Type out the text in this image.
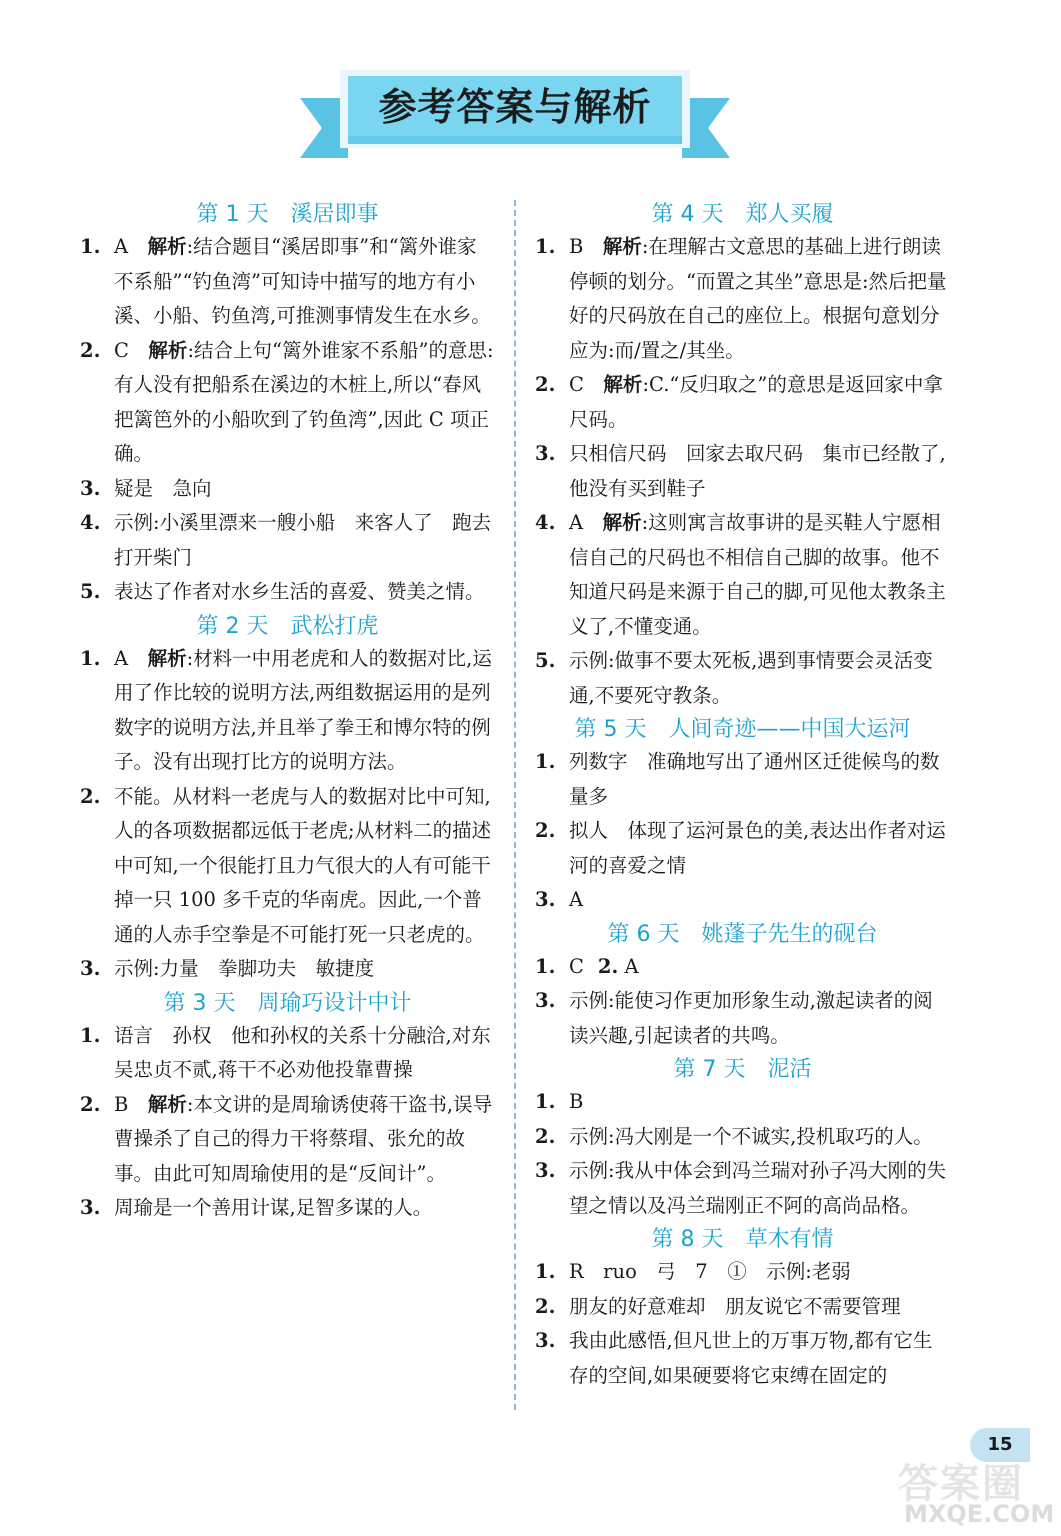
参考答案与解析
第 1 天　溪居即事
1. A　解析:结合题目“溪居即事”和“篱外谁家不系船”“钓鱼湾”可知诗中描写的地方有小溪、小船、钓鱼湾,可推测事情发生在水乡。
2. C　解析:结合上句“篱外谁家不系船”的意思:有人没有把船系在溪边的木桩上,所以“春风把篱笆外的小船吹到了钓鱼湾”,因此 C 项正确。
3. 疑是　急向
4. 示例:小溪里漂来一艘小船　来客人了　跑去打开柴门
5. 表达了作者对水乡生活的喜爱、赞美之情。
第 2 天　武松打虎
1. A　解析:材料一中用老虎和人的数据对比,运用了作比较的说明方法,两组数据运用的是列数字的说明方法,并且举了拳王和博尔特的例子。没有出现打比方的说明方法。
2. 不能。从材料一老虎与人的数据对比中可知,人的各项数据都远低于老虎;从材料二的描述中可知,一个很能打且力气很大的人有可能干掉一只 100 多千克的华南虎。因此,一个普通的人赤手空拳是不可能打死一只老虎的。
3. 示例:力量　拳脚功夫　敏捷度
第 3 天　周瑜巧设计中计
1. 语言　孙权　他和孙权的关系十分融洽,对东吴忠贞不贰,蒋干不必劝他投靠曹操
2. B　解析:本文讲的是周瑜诱使蒋干盗书,误导曹操杀了自己的得力干将蔡瑁、张允的故事。由此可知周瑜使用的是“反间计”。
3. 周瑜是一个善用计谋,足智多谋的人。
第 4 天　郑人买履
1. B　解析:在理解古文意思的基础上进行朗读停顿的划分。“而置之其坐”意思是:然后把量好的尺码放在自己的座位上。根据句意划分应为:而/置之/其坐。
2. C　解析:C.“反归取之”的意思是返回家中拿尺码。
3. 只相信尺码　回家去取尺码　集市已经散了,他没有买到鞋子
4. A　解析:这则寓言故事讲的是买鞋人宁愿相信自己的尺码也不相信自己脚的故事。他不知道尺码是来源于自己的脚,可见他太教条主义了,不懂变通。
5. 示例:做事不要太死板,遇到事情要会灵活变通,不要死守教条。
第 5 天　人间奇迹——中国大运河
1. 列数字　准确地写出了通州区迁徙候鸟的数量多
2. 拟人　体现了运河景色的美,表达出作者对运河的喜爱之情
3. A
第 6 天　姚蓬子先生的砚台
1. C 2. A
3. 示例:能使习作更加形象生动,激起读者的阅读兴趣,引起读者的共鸣。
第 7 天　泥活
1. B
2. 示例:冯大刚是一个不诚实,投机取巧的人。
3. 示例:我从中体会到冯兰瑞对孙子冯大刚的失望之情以及冯兰瑞刚正不阿的高尚品格。
第 8 天　草木有情
1. R　ruo　弓　7　①　示例:老弱
2. 朋友的好意难却　朋友说它不需要管理
3. 我由此感悟,但凡世上的万事万物,都有它生存的空间,如果硬要将它束缚在固定的
15
答案圈
MXQE.COM
